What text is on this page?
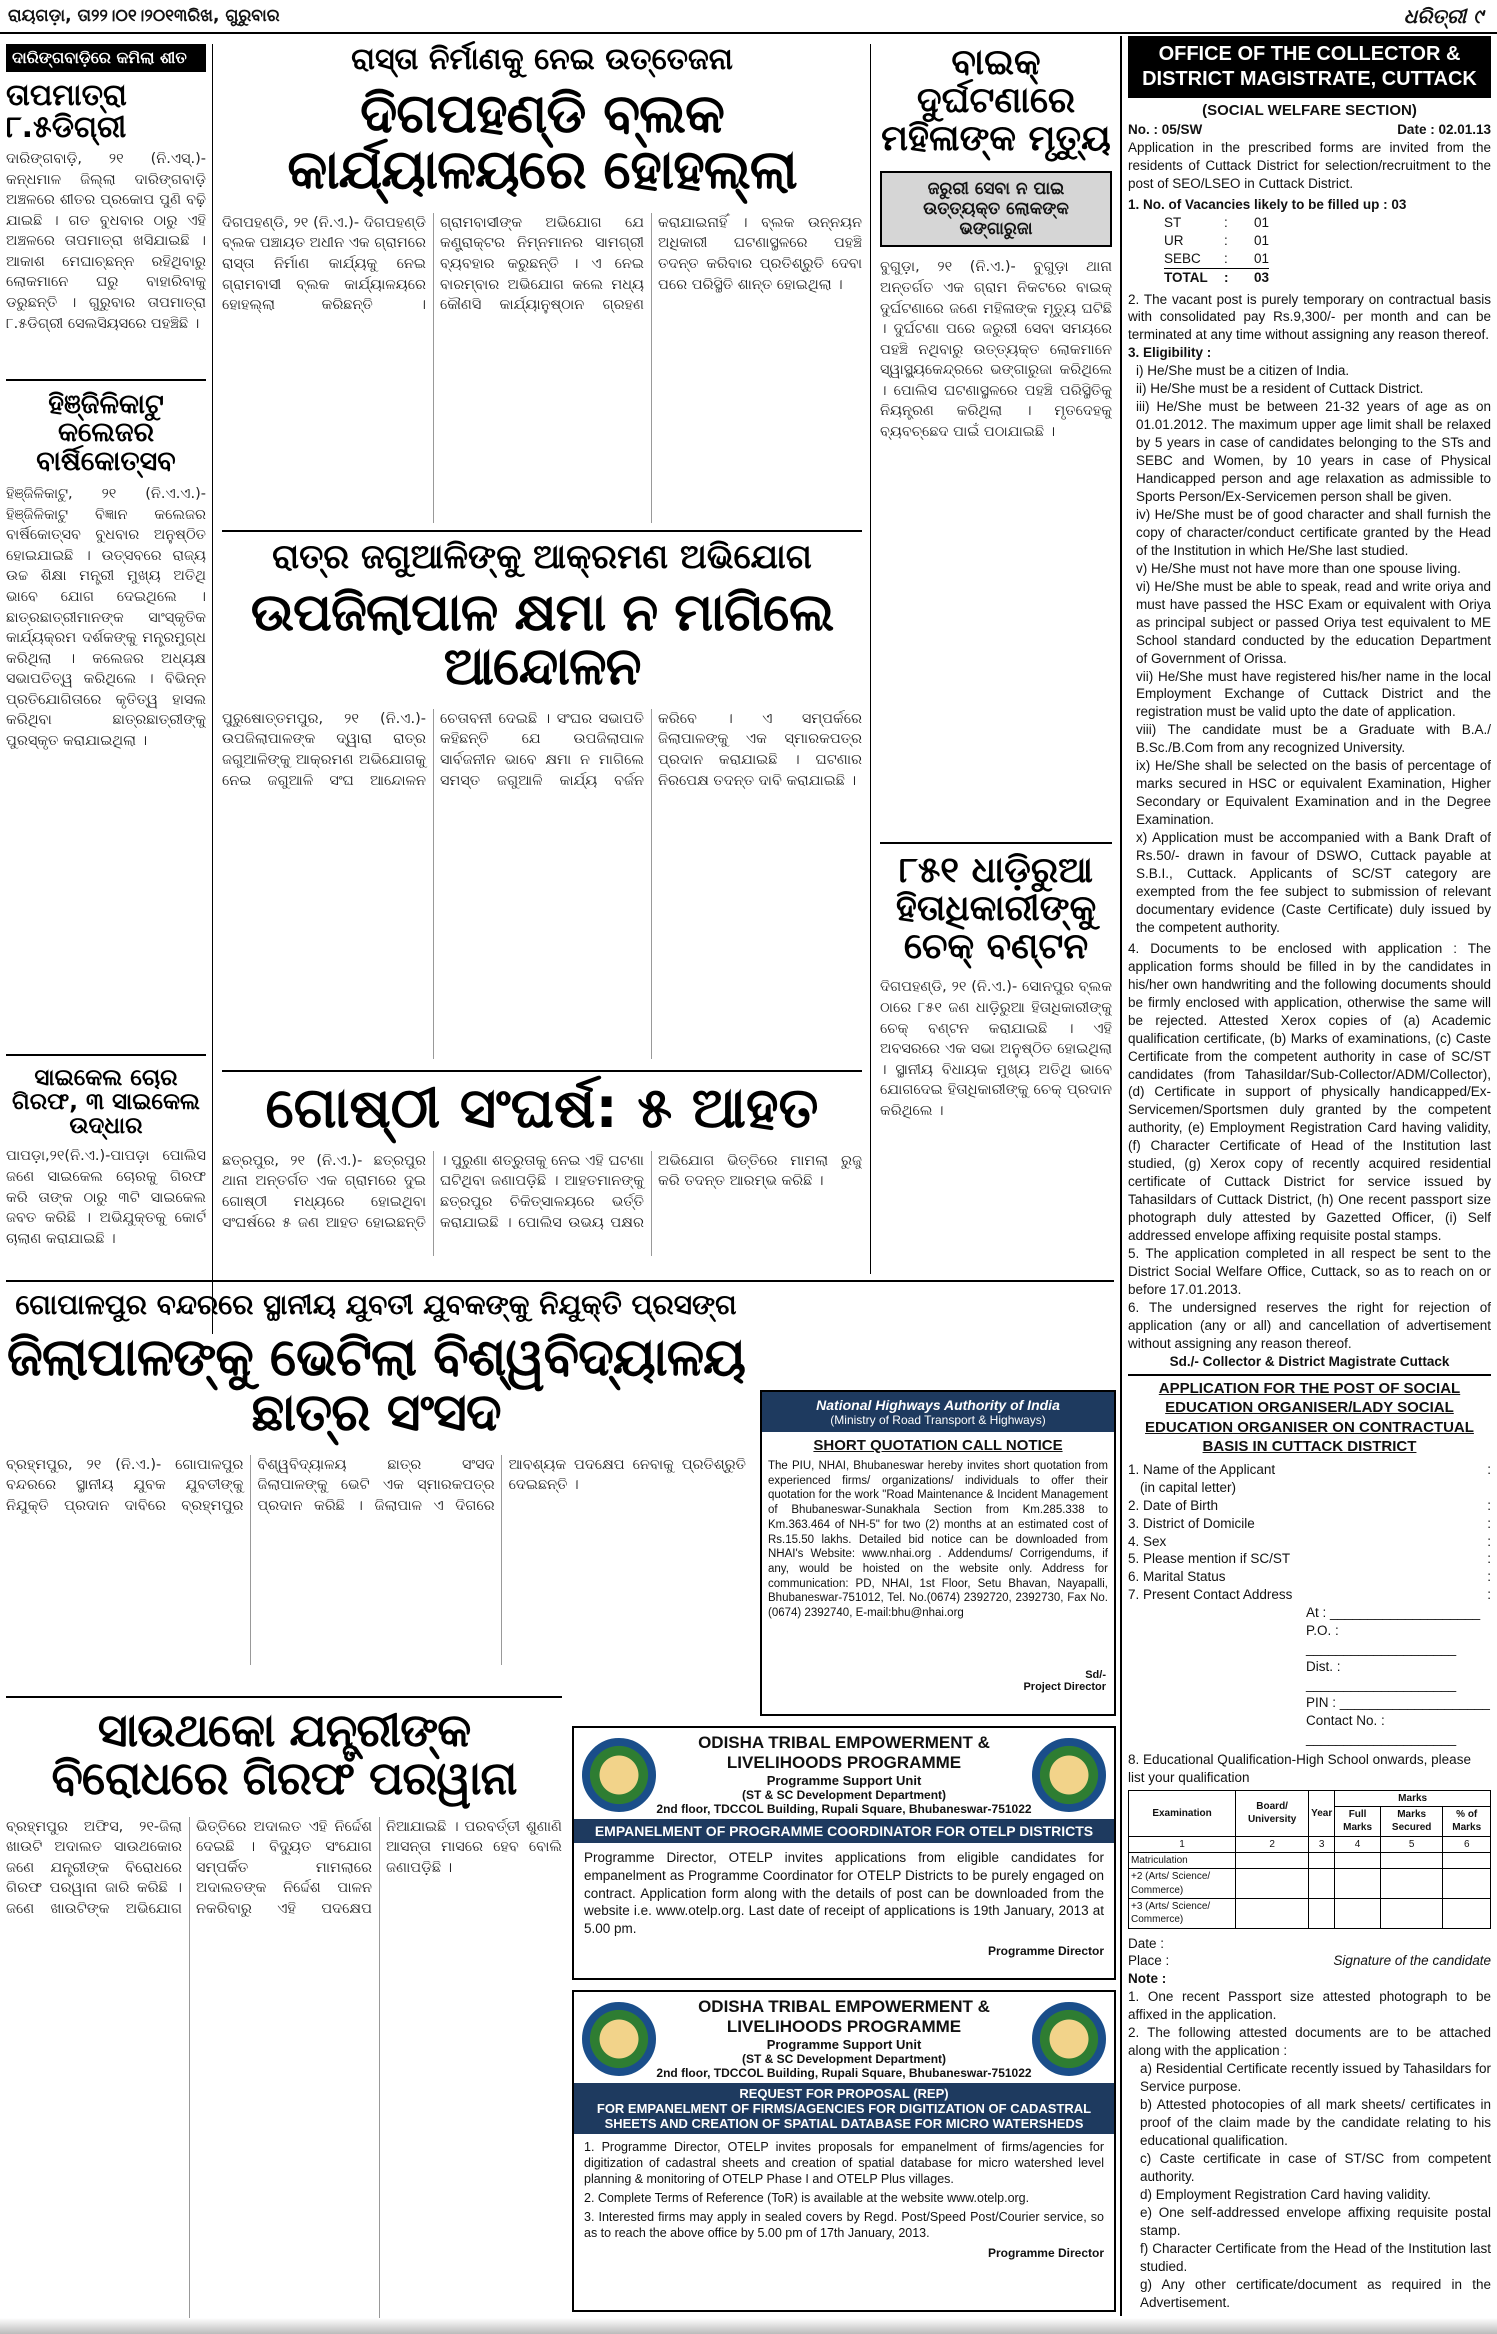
ରାୟଗଡ଼ା, ତା୨୨।୦୧।୨୦୧୩ରିଖ, ଗୁରୁବାର	ଧରିତ୍ରୀ ୯
ଦାରିଙ୍ଗବାଡ଼ିରେ କମିଲା ଶୀତ
ତାପମାତ୍ରା ୮.୫ଡିଗ୍ରୀ
ଦାରିଙ୍ଗବାଡ଼ି, ୨୧ (ନି.ଏସ୍.)- କନ୍ଧମାଳ ଜିଲ୍ଲା ଦାରିଙ୍ଗବାଡ଼ି ଅଞ୍ଚଳରେ ଶୀତର ପ୍ରକୋପ ପୁଣି ବଢ଼ି ଯାଇଛି । ଗତ ବୁଧବାର ଠାରୁ ଏହି ଅଞ୍ଚଳରେ ତାପମାତ୍ରା ଖସିଯାଇଛି । ଆକାଶ ମେଘାଚ୍ଛନ୍ନ ରହିଥିବାରୁ ଲୋକମାନେ ଘରୁ ବାହାରିବାକୁ ଡରୁଛନ୍ତି । ଗୁରୁବାର ତାପମାତ୍ରା ୮.୫ଡିଗ୍ରୀ ସେଲସିୟସରେ ପହଞ୍ଚିଛି ।
ହିଞ୍ଜିଳିକାଟୁ କଲେଜର ବାର୍ଷିକୋତ୍ସବ
ହିଞ୍ଜିଳିକାଟୁ, ୨୧ (ନି.ଏ.ଏ.)- ହିଞ୍ଜିଳିକାଟୁ ବିଜ୍ଞାନ କଲେଜର ବାର୍ଷିକୋତ୍ସବ ବୁଧବାର ଅନୁଷ୍ଠିତ ହୋଇଯାଇଛି । ଉତ୍ସବରେ ରାଜ୍ୟ ଉଚ୍ଚ ଶିକ୍ଷା ମନ୍ତ୍ରୀ ମୁଖ୍ୟ ଅତିଥି ଭାବେ ଯୋଗ ଦେଇଥିଲେ । ଛାତ୍ରଛାତ୍ରୀମାନଙ୍କ ସାଂସ୍କୃତିକ କାର୍ଯ୍ୟକ୍ରମ ଦର୍ଶକଙ୍କୁ ମନ୍ତ୍ରମୁଗ୍ଧ କରିଥିଲା । କଲେଜର ଅଧ୍ୟକ୍ଷ ସଭାପତିତ୍ୱ କରିଥିଲେ । ବିଭିନ୍ନ ପ୍ରତିଯୋଗିତାରେ କୃତିତ୍ୱ ହାସଲ କରିଥିବା ଛାତ୍ରଛାତ୍ରୀଙ୍କୁ ପୁରସ୍କୃତ କରାଯାଇଥିଲା ।
ସାଇକେଲ ଚୋର ଗିରଫ, ୩ ସାଇକେଲ ଉଦ୍ଧାର
ପାପଡ଼ା,୨୧(ନି.ଏ.)-ପାପଡ଼ା ପୋଲିସ ଜଣେ ସାଇକେଲ ଚୋରକୁ ଗିରଫ କରି ତାଙ୍କ ଠାରୁ ୩ଟି ସାଇକେଲ ଜବତ କରିଛି । ଅଭିଯୁକ୍ତକୁ କୋର୍ଟ ଚାଲାଣ କରାଯାଇଛି ।
ରାସ୍ତା ନିର୍ମାଣକୁ ନେଇ ଉତ୍ତେଜନା
ଦିଗପହଣ୍ଡି ବ୍ଲକ କାର୍ଯ୍ୟାଳୟରେ ହୋହଲ୍ଲା
ଦିଗପହଣ୍ଡି, ୨୧ (ନି.ଏ.)- ଦିଗପହଣ୍ଡି ବ୍ଲକ ପଞ୍ଚାୟତ ଅଧୀନ ଏକ ଗ୍ରାମରେ ରାସ୍ତା ନିର୍ମାଣ କାର୍ଯ୍ୟକୁ ନେଇ ଗ୍ରାମବାସୀ ବ୍ଲକ କାର୍ଯ୍ୟାଳୟରେ ହୋହଲ୍ଲା କରିଛନ୍ତି । ଗ୍ରାମବାସୀଙ୍କ ଅଭିଯୋଗ ଯେ କଣ୍ଟ୍ରାକ୍ଟର ନିମ୍ନମାନର ସାମଗ୍ରୀ ବ୍ୟବହାର କରୁଛନ୍ତି । ଏ ନେଇ ବାରମ୍ବାର ଅଭିଯୋଗ କଲେ ମଧ୍ୟ କୌଣସି କାର୍ଯ୍ୟାନୁଷ୍ଠାନ ଗ୍ରହଣ କରାଯାଇନାହିଁ । ବ୍ଲକ ଉନ୍ନୟନ ଅଧିକାରୀ ଘଟଣାସ୍ଥଳରେ ପହଞ୍ଚି ତଦନ୍ତ କରିବାର ପ୍ରତିଶ୍ରୁତି ଦେବା ପରେ ପରିସ୍ଥିତି ଶାନ୍ତ ହୋଇଥିଲା ।
ରାତ୍ର ଜଗୁଆଳିଙ୍କୁ ଆକ୍ରମଣ ଅଭିଯୋଗ
ଉପଜିଲାପାଳ କ୍ଷମା ନ ମାଗିଲେ ଆନ୍ଦୋଳନ
ପୁରୁଷୋତ୍ତମପୁର, ୨୧ (ନି.ଏ.)- ଉପଜିଲାପାଳଙ୍କ ଦ୍ୱାରା ରାତ୍ର ଜଗୁଆଳିଙ୍କୁ ଆକ୍ରମଣ ଅଭିଯୋଗକୁ ନେଇ ଜଗୁଆଳି ସଂଘ ଆନ୍ଦୋଳନ ଚେତାବନୀ ଦେଇଛି । ସଂଘର ସଭାପତି କହିଛନ୍ତି ଯେ ଉପଜିଲାପାଳ ସାର୍ବଜନୀନ ଭାବେ କ୍ଷମା ନ ମାଗିଲେ ସମସ୍ତ ଜଗୁଆଳି କାର୍ଯ୍ୟ ବର୍ଜନ କରିବେ । ଏ ସମ୍ପର୍କରେ ଜିଲାପାଳଙ୍କୁ ଏକ ସ୍ମାରକପତ୍ର ପ୍ରଦାନ କରାଯାଇଛି । ଘଟଣାର ନିରପେକ୍ଷ ତଦନ୍ତ ଦାବି କରାଯାଇଛି ।
ଗୋଷ୍ଠୀ ସଂଘର୍ଷ: ୫ ଆହତ
ଛତ୍ରପୁର, ୨୧ (ନି.ଏ.)- ଛତ୍ରପୁର ଥାନା ଅନ୍ତର୍ଗତ ଏକ ଗ୍ରାମରେ ଦୁଇ ଗୋଷ୍ଠୀ ମଧ୍ୟରେ ହୋଇଥିବା ସଂଘର୍ଷରେ ୫ ଜଣ ଆହତ ହୋଇଛନ୍ତି । ପୁରୁଣା ଶତ୍ରୁତାକୁ ନେଇ ଏହି ଘଟଣା ଘଟିଥିବା ଜଣାପଡ଼ିଛି । ଆହତମାନଙ୍କୁ ଛତ୍ରପୁର ଚିକିତ୍ସାଳୟରେ ଭର୍ତ୍ତି କରାଯାଇଛି । ପୋଲିସ ଉଭୟ ପକ୍ଷର ଅଭିଯୋଗ ଭିତ୍ତିରେ ମାମଲା ରୁଜୁ କରି ତଦନ୍ତ ଆରମ୍ଭ କରିଛି ।
ବାଇକ୍ ଦୁର୍ଘଟଣାରେ ମହିଳାଙ୍କ ମୃତ୍ୟୁ
ଜରୁରୀ ସେବା ନ ପାଇ ଉତ୍ତ୍ୟକ୍ତ ଲୋକଙ୍କ ଭଙ୍ଗାରୁଜା
ବୁଗୁଡ଼ା, ୨୧ (ନି.ଏ.)- ବୁଗୁଡ଼ା ଥାନା ଅନ୍ତର୍ଗତ ଏକ ଗ୍ରାମ ନିକଟରେ ବାଇକ୍ ଦୁର୍ଘଟଣାରେ ଜଣେ ମହିଳାଙ୍କ ମୃତ୍ୟୁ ଘଟିଛି । ଦୁର୍ଘଟଣା ପରେ ଜରୁରୀ ସେବା ସମୟରେ ପହଞ୍ଚି ନଥିବାରୁ ଉତ୍ତ୍ୟକ୍ତ ଲୋକମାନେ ସ୍ୱାସ୍ଥ୍ୟକେନ୍ଦ୍ରରେ ଭଙ୍ଗାରୁଜା କରିଥିଲେ । ପୋଲିସ ଘଟଣାସ୍ଥଳରେ ପହଞ୍ଚି ପରିସ୍ଥିତିକୁ ନିୟନ୍ତ୍ରଣ କରିଥିଲା । ମୃତଦେହକୁ ବ୍ୟବଚ୍ଛେଦ ପାଇଁ ପଠାଯାଇଛି ।
୮୫୧ ଧାଡ଼ିରୁଆ ହିତାଧିକାରୀଙ୍କୁ ଚେକ୍ ବଣ୍ଟନ
ଦିଗପହଣ୍ଡି, ୨୧ (ନି.ଏ.)- ସୋନପୁର ବ୍ଲକ ଠାରେ ୮୫୧ ଜଣ ଧାଡ଼ିରୁଆ ହିତାଧିକାରୀଙ୍କୁ ଚେକ୍ ବଣ୍ଟନ କରାଯାଇଛି । ଏହି ଅବସରରେ ଏକ ସଭା ଅନୁଷ୍ଠିତ ହୋଇଥିଲା । ସ୍ଥାନୀୟ ବିଧାୟକ ମୁଖ୍ୟ ଅତିଥି ଭାବେ ଯୋଗଦେଇ ହିତାଧିକାରୀଙ୍କୁ ଚେକ୍ ପ୍ରଦାନ କରିଥିଲେ ।
ଗୋପାଳପୁର ବନ୍ଦରରେ ସ୍ଥାନୀୟ ଯୁବତୀ ଯୁବକଙ୍କୁ ନିଯୁକ୍ତି ପ୍ରସଙ୍ଗ
ଜିଲାପାଳଙ୍କୁ ଭେଟିଲା ବିଶ୍ୱବିଦ୍ୟାଳୟ ଛାତ୍ର ସଂସଦ
ବ୍ରହ୍ମପୁର, ୨୧ (ନି.ଏ.)- ଗୋପାଳପୁର ବନ୍ଦରରେ ସ୍ଥାନୀୟ ଯୁବକ ଯୁବତୀଙ୍କୁ ନିଯୁକ୍ତି ପ୍ରଦାନ ଦାବିରେ ବ୍ରହ୍ମପୁର ବିଶ୍ୱବିଦ୍ୟାଳୟ ଛାତ୍ର ସଂସଦ ଜିଲାପାଳଙ୍କୁ ଭେଟି ଏକ ସ୍ମାରକପତ୍ର ପ୍ରଦାନ କରିଛି । ଜିଲାପାଳ ଏ ଦିଗରେ ଆବଶ୍ୟକ ପଦକ୍ଷେପ ନେବାକୁ ପ୍ରତିଶ୍ରୁତି ଦେଇଛନ୍ତି ।
ସାଉଥକୋ ଯନ୍ତ୍ରୀଙ୍କ ବିରୋଧରେ ଗିରଫ ପରୱାନା
ବ୍ରହ୍ମପୁର ଅଫିସ, ୨୧-ଜିଲା ଖାଉଟି ଅଦାଲତ ସାଉଥକୋର ଜଣେ ଯନ୍ତ୍ରୀଙ୍କ ବିରୋଧରେ ଗିରଫ ପରୱାନା ଜାରି କରିଛି । ଜଣେ ଖାଉଟିଙ୍କ ଅଭିଯୋଗ ଭିତ୍ତିରେ ଅଦାଲତ ଏହି ନିର୍ଦ୍ଦେଶ ଦେଇଛି । ବିଦ୍ୟୁତ ସଂଯୋଗ ସମ୍ପର୍କିତ ମାମଲାରେ ଅଦାଲତଙ୍କ ନିର୍ଦ୍ଦେଶ ପାଳନ ନକରିବାରୁ ଏହି ପଦକ୍ଷେପ ନିଆଯାଇଛି । ପରବର୍ତ୍ତୀ ଶୁଣାଣି ଆସନ୍ତା ମାସରେ ହେବ ବୋଲି ଜଣାପଡ଼ିଛି ।
National Highways Authority of India
(Ministry of Road Transport & Highways)
SHORT QUOTATION CALL NOTICE
The PIU, NHAI, Bhubaneswar hereby invites short quotation from experienced firms/ organizations/ individuals to offer their quotation for the work "Road Maintenance & Incident Management of Bhubaneswar-Sunakhala Section from Km.285.338 to Km.363.464 of NH-5" for two (2) months at an estimated cost of Rs.15.50 lakhs. Detailed bid notice can be downloaded from NHAI's Website: www.nhai.org . Addendums/ Corrigendums, if any, would be hoisted on the website only. Address for communication: PD, NHAI, 1st Floor, Setu Bhavan, Nayapalli, Bhubaneswar-751012, Tel. No.(0674) 2392720, 2392730, Fax No. (0674) 2392740, E-mail:bhu@nhai.org
Sd/-
Project Director
ODISHA TRIBAL EMPOWERMENT & LIVELIHOODS PROGRAMME
Programme Support Unit
(ST & SC Development Department)
2nd floor, TDCCOL Building, Rupali Square, Bhubaneswar-751022
EMPANELMENT OF PROGRAMME COORDINATOR FOR OTELP DISTRICTS
Programme Director, OTELP invites applications from eligible candidates for empanelment as Programme Coordinator for OTELP Districts to be purely engaged on contract. Application form along with the details of post can be downloaded from the website i.e. www.otelp.org. Last date of receipt of applications is 19th January, 2013 at 5.00 pm.
Programme Director
ODISHA TRIBAL EMPOWERMENT & LIVELIHOODS PROGRAMME
Programme Support Unit
(ST & SC Development Department)
2nd floor, TDCCOL Building, Rupali Square, Bhubaneswar-751022
REQUEST FOR PROPOSAL (REP)
FOR EMPANELMENT OF FIRMS/AGENCIES FOR DIGITIZATION OF CADASTRAL SHEETS AND CREATION OF SPATIAL DATABASE FOR MICRO WATERSHEDS
1. Programme Director, OTELP invites proposals for empanelment of firms/agencies for digitization of cadastral sheets and creation of spatial database for micro watershed level planning & monitoring of OTELP Phase I and OTELP Plus villages.
2. Complete Terms of Reference (ToR) is available at the website www.otelp.org.
3. Interested firms may apply in sealed covers by Regd. Post/Speed Post/Courier service, so as to reach the above office by 5.00 pm of 17th January, 2013.
Programme Director
OFFICE OF THE COLLECTOR & DISTRICT MAGISTRATE, CUTTACK
(SOCIAL WELFARE SECTION)
No. : 05/SW	Date : 02.01.13
Application in the prescribed forms are invited from the residents of Cuttack District for selection/recruitment to the post of SEO/LSEO in Cuttack District.
1. No. of Vacancies likely to be filled up : 03
ST	:	01
UR	:	01
SEBC	:	01
TOTAL	:	03
2. The vacant post is purely temporary on contractual basis with consolidated pay Rs.9,300/- per month and can be terminated at any time without assigning any reason thereof.
3. Eligibility :
i) He/She must be a citizen of India.
ii) He/She must be a resident of Cuttack District.
iii) He/She must be between 21-32 years of age as on 01.01.2012. The maximum upper age limit shall be relaxed by 5 years in case of candidates belonging to the STs and SEBC and Women, by 10 years in case of Physical Handicapped person and age relaxation as admissible to Sports Person/Ex-Servicemen person shall be given.
iv) He/She must be of good character and shall furnish the copy of character/conduct certificate granted by the Head of the Institution in which He/She last studied.
v) He/She must not have more than one spouse living.
vi) He/She must be able to speak, read and write oriya and must have passed the HSC Exam or equivalent with Oriya as principal subject or passed Oriya test equivalent to ME School standard conducted by the education Department of Government of Orissa.
vii) He/She must have registered his/her name in the local Employment Exchange of Cuttack District and the registration must be valid upto the date of application.
viii) The candidate must be a Graduate with B.A./ B.Sc./B.Com from any recognized University.
ix) He/She shall be selected on the basis of percentage of marks secured in HSC or equivalent Examination, Higher Secondary or Equivalent Examination and in the Degree Examination.
x) Application must be accompanied with a Bank Draft of Rs.50/- drawn in favour of DSWO, Cuttack payable at S.B.I., Cuttack. Applicants of SC/ST category are exempted from the fee subject to submission of relevant documentary evidence (Caste Certificate) duly issued by the competent authority.
4. Documents to be enclosed with application : The application forms should be filled in by the candidates in his/her own handwriting and the following documents should be firmly enclosed with application, otherwise the same will be rejected. Attested Xerox copies of (a) Academic qualification certificate, (b) Marks of examinations, (c) Caste Certificate from the competent authority in case of SC/ST candidates (from Tahasildar/Sub-Collector/ADM/Collector), (d) Certificate in support of physically handicapped/Ex-Servicemen/Sportsmen duly granted by the competent authority, (e) Employment Registration Card having validity, (f) Character Certificate of Head of the Institution last studied, (g) Xerox copy of recently acquired residential certificate of Cuttack District for service issued by Tahasildars of Cuttack District, (h) One recent passport size photograph duly attested by Gazetted Officer, (i) Self addressed envelope affixing requisite postal stamps.
5. The application completed in all respect be sent to the District Social Welfare Office, Cuttack, so as to reach on or before 17.01.2013.
6. The undersigned reserves the right for rejection of application (any or all) and cancellation of advertisement without assigning any reason thereof.
Sd./- Collector & District Magistrate Cuttack
APPLICATION FOR THE POST OF SOCIAL EDUCATION ORGANISER/LADY SOCIAL EDUCATION ORGANISER ON CONTRACTUAL BASIS IN CUTTACK DISTRICT
1. Name of the Applicant	:
(in capital letter)
2. Date of Birth	:
3. District of Domicile	:
4. Sex	:
5. Please mention if SC/ST	:
6. Marital Status	:
7. Present Contact Address	:
At : ____________________
P.O. : ____________________
Dist. : ____________________
PIN : ____________________
Contact No. : ____________________
8. Educational Qualification-High School onwards, please list your qualification
Examination	Board/ University	Year	Marks		
			Full Marks	Marks Secured	% of Marks
1	2	3	4	5	6
Matriculation					
+2 (Arts/ Science/ Commerce)					
+3 (Arts/ Science/ Commerce)					
Date :
Place :	Signature of the candidate
Note :
1. One recent Passport size attested photograph to be affixed in the application.
2. The following attested documents are to be attached along with the application :
a) Residential Certificate recently issued by Tahasildars for Service purpose.
b) Attested photocopies of all mark sheets/ certificates in proof of the claim made by the candidate relating to his educational qualification.
c) Caste certificate in case of ST/SC from competent authority.
d) Employment Registration Card having validity.
e) One self-addressed envelope affixing requisite postal stamp.
f) Character Certificate from the Head of the Institution last studied.
g) Any other certificate/document as required in the Advertisement.
